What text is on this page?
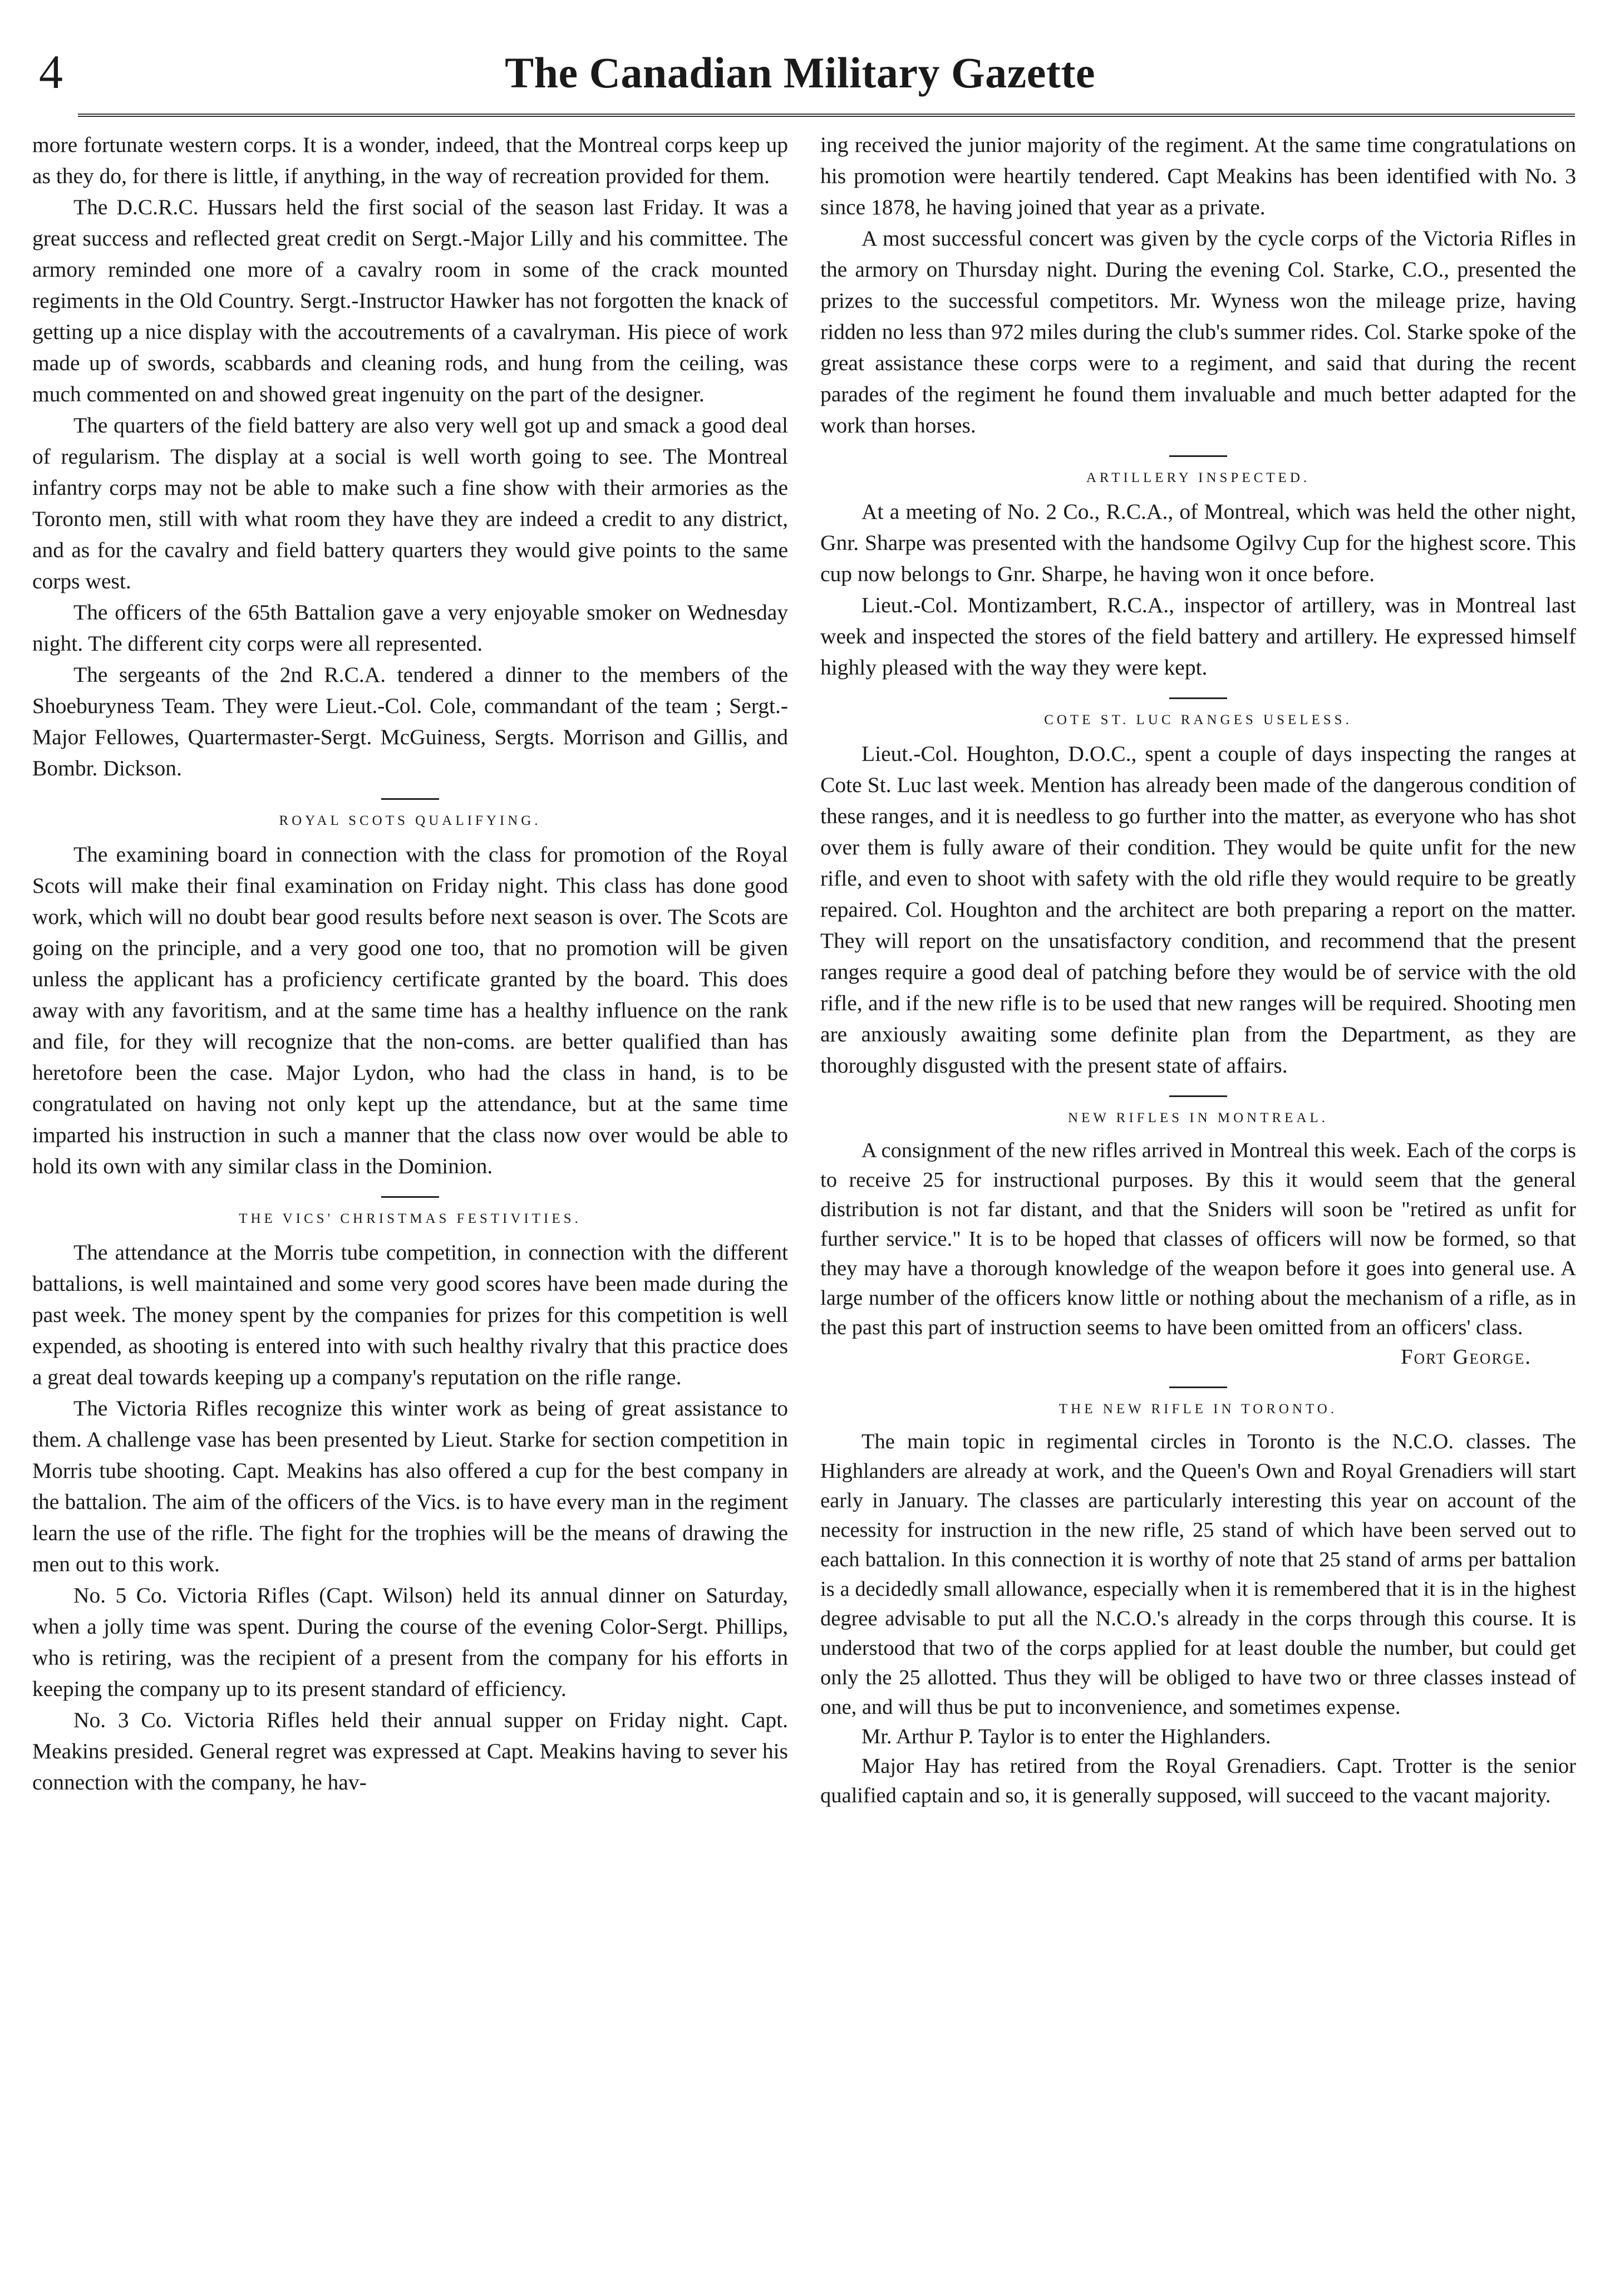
4	The Canadian Military Gazette

more fortunate western corps. It is a wonder, indeed, that the Montreal corps keep up as they do, for there is little, if anything, in the way of recreation provided for them.

The D.C.R.C. Hussars held the first social of the season last Friday. It was a great success and reflected great credit on Sergt.-Major Lilly and his committee. The armory reminded one more of a cavalry room in some of the crack mounted regiments in the Old Country. Sergt.-Instructor Hawker has not forgotten the knack of getting up a nice display with the accoutrements of a cavalryman. His piece of work made up of swords, scabbards and cleaning rods, and hung from the ceiling, was much commented on and showed great ingenuity on the part of the designer.

The quarters of the field battery are also very well got up and smack a good deal of regularism. The display at a social is well worth going to see. The Montreal infantry corps may not be able to make such a fine show with their armories as the Toronto men, still with what room they have they are indeed a credit to any district, and as for the cavalry and field battery quarters they would give points to the same corps west.

The officers of the 65th Battalion gave a very enjoyable smoker on Wednesday night. The different city corps were all represented.

The sergeants of the 2nd R.C.A. tendered a dinner to the members of the Shoeburyness Team. They were Lieut.-Col. Cole, commandant of the team ; Sergt.-Major Fellowes, Quartermaster-Sergt. McGuiness, Sergts. Morrison and Gillis, and Bombr. Dickson.

ROYAL SCOTS QUALIFYING.

The examining board in connection with the class for promotion of the Royal Scots will make their final examination on Friday night. This class has done good work, which will no doubt bear good results before next season is over. The Scots are going on the principle, and a very good one too, that no promotion will be given unless the applicant has a proficiency certificate granted by the board. This does away with any favoritism, and at the same time has a healthy influence on the rank and file, for they will recognize that the non-coms. are better qualified than has heretofore been the case. Major Lydon, who had the class in hand, is to be congratulated on having not only kept up the attendance, but at the same time imparted his instruction in such a manner that the class now over would be able to hold its own with any similar class in the Dominion.

THE VICS' CHRISTMAS FESTIVITIES.

The attendance at the Morris tube competition, in connection with the different battalions, is well maintained and some very good scores have been made during the past week. The money spent by the companies for prizes for this competition is well expended, as shooting is entered into with such healthy rivalry that this practice does a great deal towards keeping up a company's reputation on the rifle range.

The Victoria Rifles recognize this winter work as being of great assistance to them. A challenge vase has been presented by Lieut. Starke for section competition in Morris tube shooting. Capt. Meakins has also offered a cup for the best company in the battalion. The aim of the officers of the Vics. is to have every man in the regiment learn the use of the rifle. The fight for the trophies will be the means of drawing the men out to this work.

No. 5 Co. Victoria Rifles (Capt. Wilson) held its annual dinner on Saturday, when a jolly time was spent. During the course of the evening Color-Sergt. Phillips, who is retiring, was the recipient of a present from the company for his efforts in keeping the company up to its present standard of efficiency.

No. 3 Co. Victoria Rifles held their annual supper on Friday night. Capt. Meakins presided. General regret was expressed at Capt. Meakins having to sever his connection with the company, he hav-

ing received the junior majority of the regiment. At the same time congratulations on his promotion were heartily tendered. Capt Meakins has been identified with No. 3 since 1878, he having joined that year as a private.

A most successful concert was given by the cycle corps of the Victoria Rifles in the armory on Thursday night. During the evening Col. Starke, C.O., presented the prizes to the successful competitors. Mr. Wyness won the mileage prize, having ridden no less than 972 miles during the club's summer rides. Col. Starke spoke of the great assistance these corps were to a regiment, and said that during the recent parades of the regiment he found them invaluable and much better adapted for the work than horses.

ARTILLERY INSPECTED.

At a meeting of No. 2 Co., R.C.A., of Montreal, which was held the other night, Gnr. Sharpe was presented with the handsome Ogilvy Cup for the highest score. This cup now belongs to Gnr. Sharpe, he having won it once before.

Lieut.-Col. Montizambert, R.C.A., inspector of artillery, was in Montreal last week and inspected the stores of the field battery and artillery. He expressed himself highly pleased with the way they were kept.

COTE ST. LUC RANGES USELESS.

Lieut.-Col. Houghton, D.O.C., spent a couple of days inspecting the ranges at Cote St. Luc last week. Mention has already been made of the dangerous condition of these ranges, and it is needless to go further into the matter, as everyone who has shot over them is fully aware of their condition. They would be quite unfit for the new rifle, and even to shoot with safety with the old rifle they would require to be greatly repaired. Col. Houghton and the architect are both preparing a report on the matter. They will report on the unsatisfactory condition, and recommend that the present ranges require a good deal of patching before they would be of service with the old rifle, and if the new rifle is to be used that new ranges will be required. Shooting men are anxiously awaiting some definite plan from the Department, as they are thoroughly disgusted with the present state of affairs.

NEW RIFLES IN MONTREAL.

A consignment of the new rifles arrived in Montreal this week. Each of the corps is to receive 25 for instructional purposes. By this it would seem that the general distribution is not far distant, and that the Sniders will soon be "retired as unfit for further service." It is to be hoped that classes of officers will now be formed, so that they may have a thorough knowledge of the weapon before it goes into general use. A large number of the officers know little or nothing about the mechanism of a rifle, as in the past this part of instruction seems to have been omitted from an officers' class.

Fort George.

THE NEW RIFLE IN TORONTO.

The main topic in regimental circles in Toronto is the N.C.O. classes. The Highlanders are already at work, and the Queen's Own and Royal Grenadiers will start early in January. The classes are particularly interesting this year on account of the necessity for instruction in the new rifle, 25 stand of which have been served out to each battalion. In this connection it is worthy of note that 25 stand of arms per battalion is a decidedly small allowance, especially when it is remembered that it is in the highest degree advisable to put all the N.C.O.'s already in the corps through this course. It is understood that two of the corps applied for at least double the number, but could get only the 25 allotted. Thus they will be obliged to have two or three classes instead of one, and will thus be put to inconvenience, and sometimes expense.

Mr. Arthur P. Taylor is to enter the Highlanders.

Major Hay has retired from the Royal Grenadiers. Capt. Trotter is the senior qualified captain and so, it is generally supposed, will succeed to the vacant majority.
